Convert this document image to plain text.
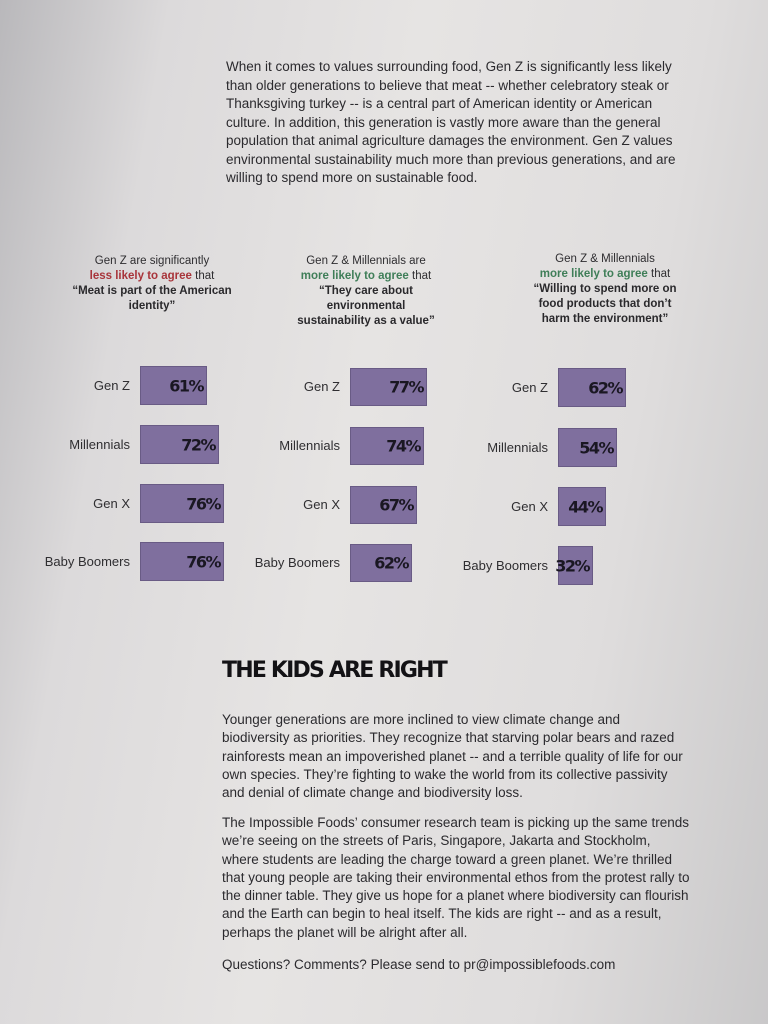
When it comes to values surrounding food, Gen Z is significantly less likely than older generations to believe that meat -- whether celebratory steak or Thanksgiving turkey -- is a central part of American identity or American culture. In addition, this generation is vastly more aware than the general population that animal agriculture damages the environment. Gen Z values environmental sustainability much more than previous generations, and are willing to spend more on sustainable food.
Gen Z are significantly
less likely to agree that
“Meat is part of the American identity”
Gen Z 61%
Millennials	72%
Gen X	76%
Baby Boomers	76%
Gen Z & Millennials are
more likely to agree that
“They care about environmental sustainability as a value”
Gen Z	77%
Millennials	74%
Gen X 67%
Baby Boomers 62%
Gen Z & Millennials
more likely to agree that
“Willing to spend more on food products that don’t harm the environment”
Gen Z	62%
Millennials 54%
Gen X 44%
Baby Boomers 32%
THE KIDS ARE RIGHT
Younger generations are more inclined to view climate change and biodiversity as priorities. They recognize that starving polar bears and razed rainforests mean an impoverished planet -- and a terrible quality of life for our own species. They’re fighting to wake the world from its collective passivity and denial of climate change and biodiversity loss.
The Impossible Foods’ consumer research team is picking up the same trends we’re seeing on the streets of Paris, Singapore, Jakarta and Stockholm, where students are leading the charge toward a green planet. We’re thrilled that young people are taking their environmental ethos from the protest rally to the dinner table. They give us hope for a planet where biodiversity can flourish and the Earth can begin to heal itself. The kids are right -- and as a result, perhaps the planet will be alright after all.
Questions? Comments? Please send to pr@impossiblefoods.com
